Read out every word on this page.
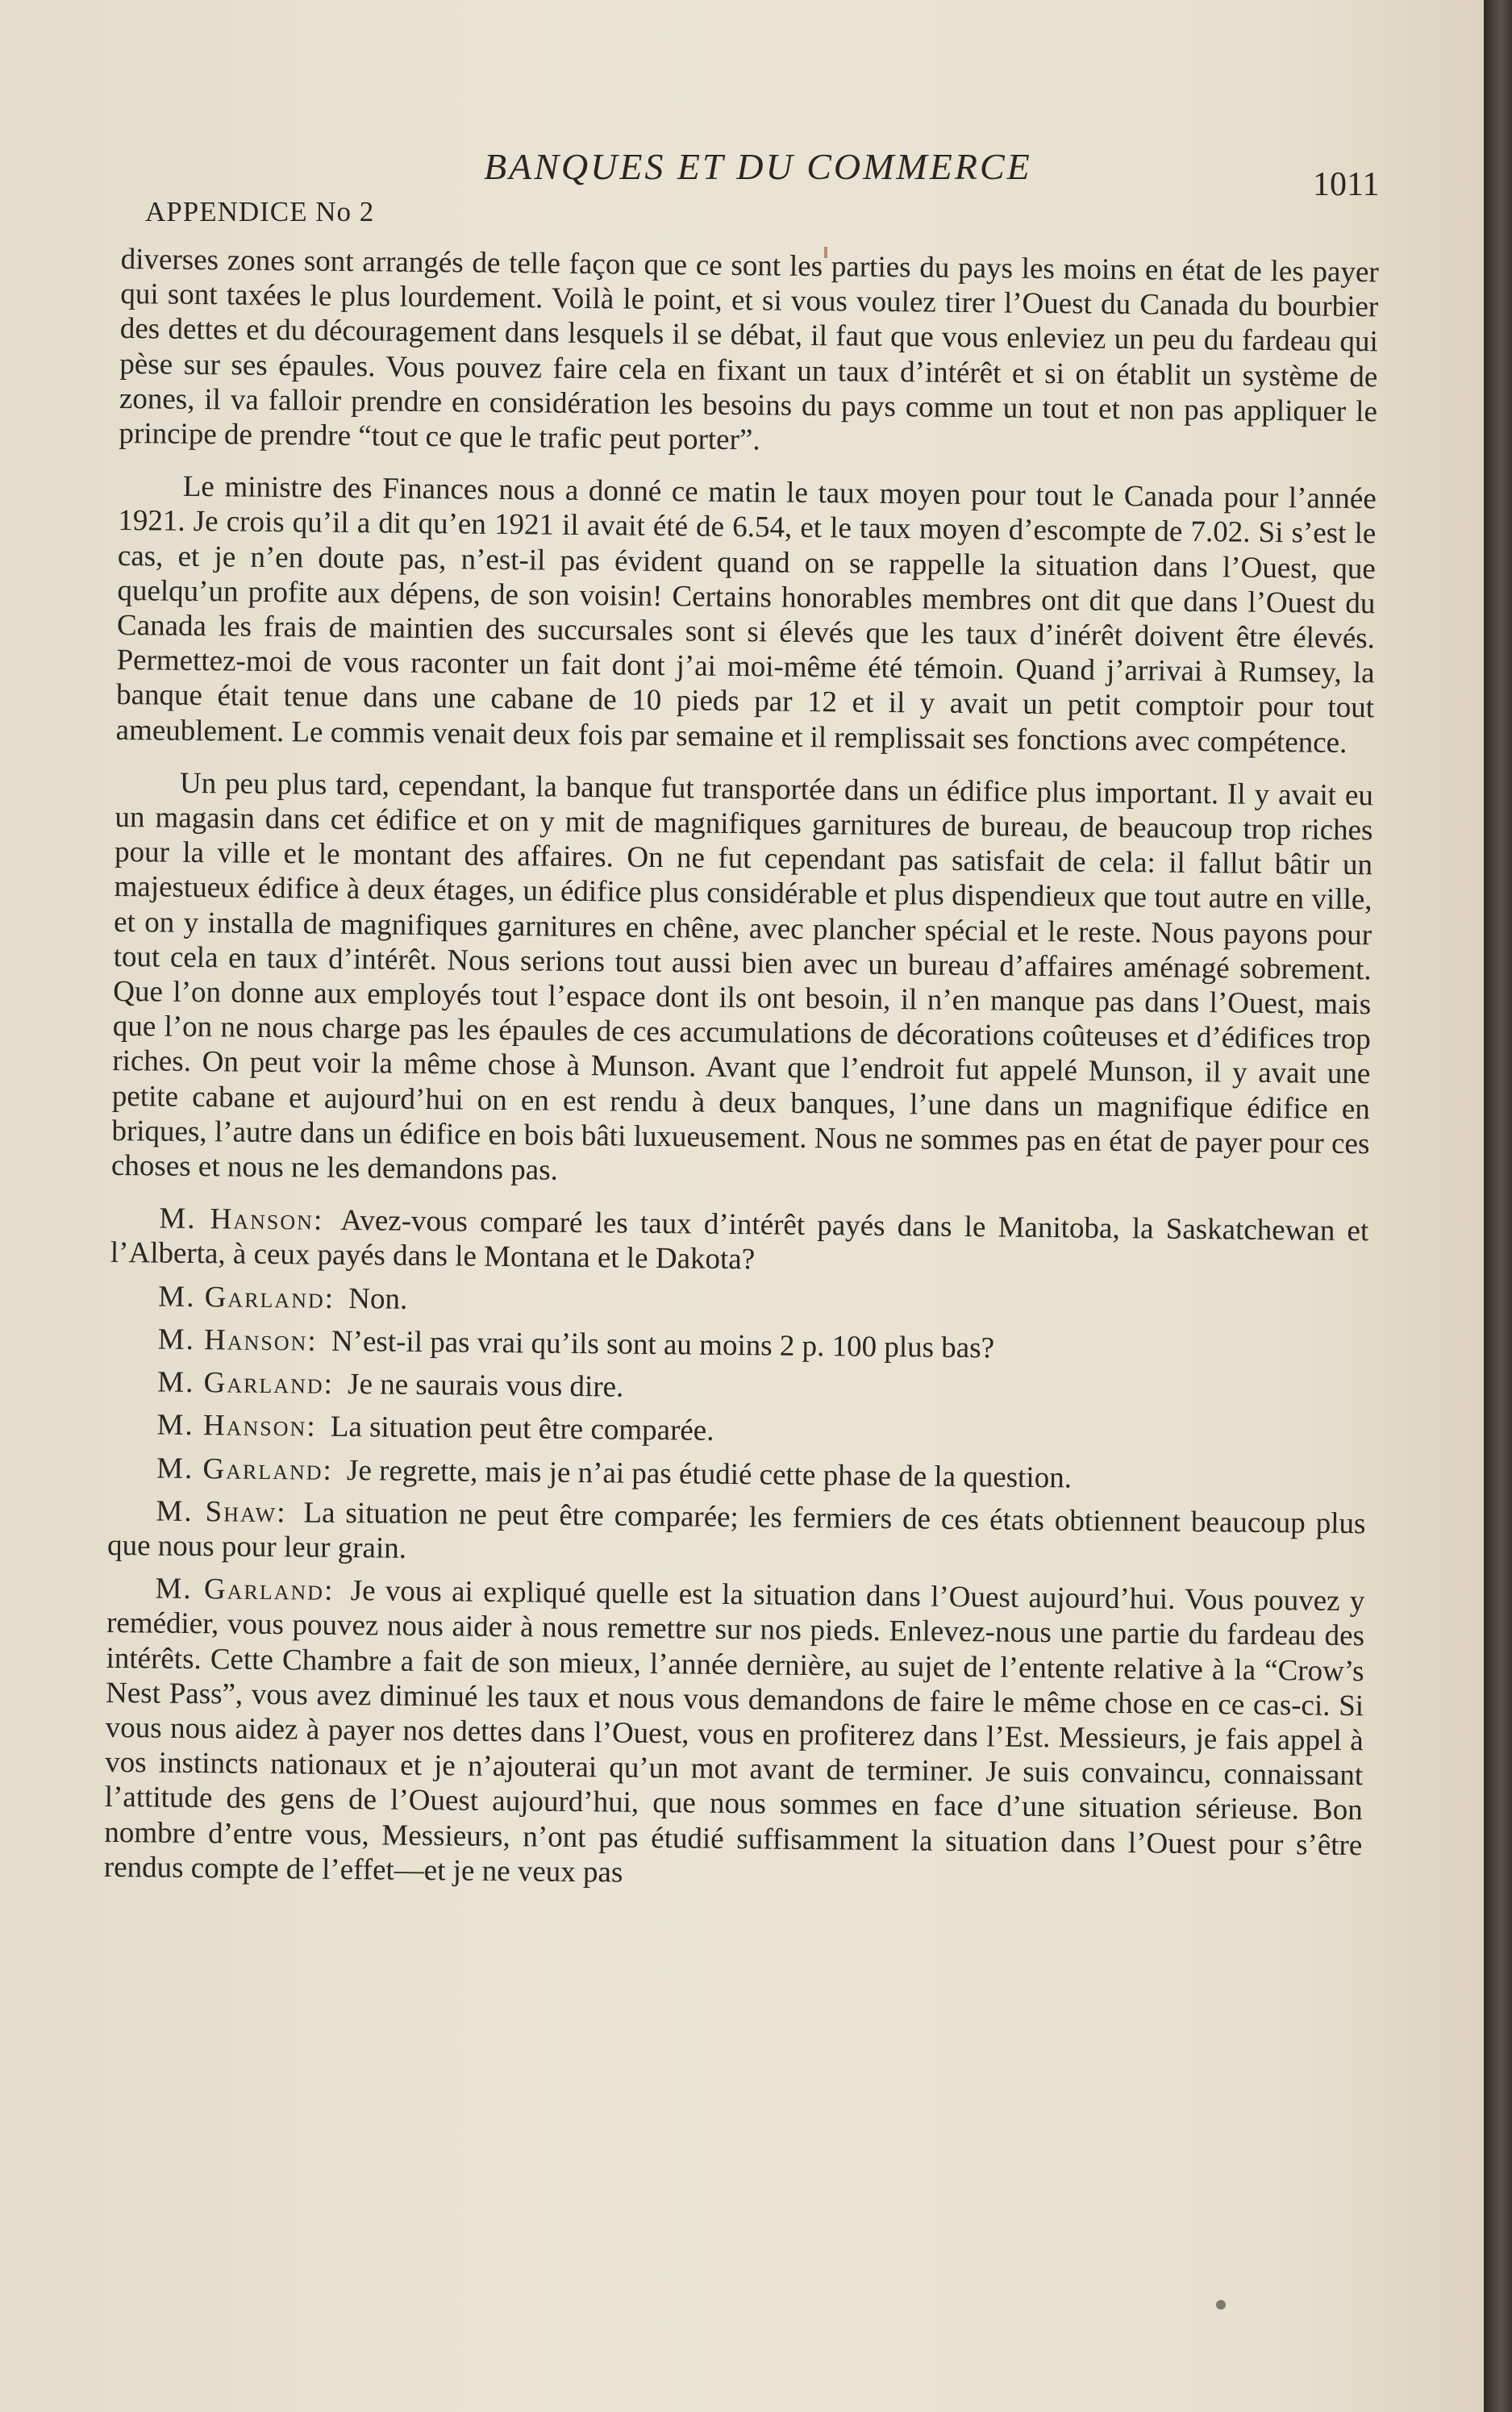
BANQUES ET DU COMMERCE
APPENDICE No 2
1011

diverses zones sont arrangés de telle façon que ce sont les parties du pays les moins en état de les payer qui sont taxées le plus lourdement. Voilà le point, et si vous voulez tirer l’Ouest du Canada du bourbier des dettes et du découragement dans lesquels il se débat, il faut que vous enleviez un peu du fardeau qui pèse sur ses épaules. Vous pouvez faire cela en fixant un taux d’intérêt et si on établit un système de zones, il va falloir prendre en considération les besoins du pays comme un tout et non pas appliquer le principe de prendre “tout ce que le trafic peut porter”.

Le ministre des Finances nous a donné ce matin le taux moyen pour tout le Canada pour l’année 1921. Je crois qu’il a dit qu’en 1921 il avait été de 6.54, et le taux moyen d’escompte de 7.02. Si s’est le cas, et je n’en doute pas, n’est-il pas évident quand on se rappelle la situation dans l’Ouest, que quelqu’un profite aux dépens, de son voisin! Certains honorables membres ont dit que dans l’Ouest du Canada les frais de maintien des succursales sont si élevés que les taux d’inérêt doivent être élevés. Permettez-moi de vous raconter un fait dont j’ai moi-même été témoin. Quand j’arrivai à Rumsey, la banque était tenue dans une cabane de 10 pieds par 12 et il y avait un petit comptoir pour tout ameublement. Le commis venait deux fois par semaine et il remplissait ses fonctions avec compétence.

Un peu plus tard, cependant, la banque fut transportée dans un édifice plus important. Il y avait eu un magasin dans cet édifice et on y mit de magnifiques garnitures de bureau, de beaucoup trop riches pour la ville et le montant des affaires. On ne fut cependant pas satisfait de cela: il fallut bâtir un majestueux édifice à deux étages, un édifice plus considérable et plus dispendieux que tout autre en ville, et on y installa de magnifiques garnitures en chêne, avec plancher spécial et le reste. Nous payons pour tout cela en taux d’intérêt. Nous serions tout aussi bien avec un bureau d’affaires aménagé sobrement. Que l’on donne aux employés tout l’espace dont ils ont besoin, il n’en manque pas dans l’Ouest, mais que l’on ne nous charge pas les épaules de ces accumulations de décorations coûteuses et d’édifices trop riches. On peut voir la même chose à Munson. Avant que l’endroit fut appelé Munson, il y avait une petite cabane et aujourd’hui on en est rendu à deux banques, l’une dans un magnifique édifice en briques, l’autre dans un édifice en bois bâti luxueusement. Nous ne sommes pas en état de payer pour ces choses et nous ne les demandons pas.

M. Hanson: Avez-vous comparé les taux d’intérêt payés dans le Manitoba, la Saskatchewan et l’Alberta, à ceux payés dans le Montana et le Dakota?

M. Garland: Non.

M. Hanson: N’est-il pas vrai qu’ils sont au moins 2 p. 100 plus bas?

M. Garland: Je ne saurais vous dire.

M. Hanson: La situation peut être comparée.

M. Garland: Je regrette, mais je n’ai pas étudié cette phase de la question.

M. Shaw: La situation ne peut être comparée; les fermiers de ces états obtiennent beaucoup plus que nous pour leur grain.

M. Garland: Je vous ai expliqué quelle est la situation dans l’Ouest aujourd’hui. Vous pouvez y remédier, vous pouvez nous aider à nous remettre sur nos pieds. Enlevez-nous une partie du fardeau des intérêts. Cette Chambre a fait de son mieux, l’année dernière, au sujet de l’entente relative à la “Crow’s Nest Pass”, vous avez diminué les taux et nous vous demandons de faire le même chose en ce cas-ci. Si vous nous aidez à payer nos dettes dans l’Ouest, vous en profiterez dans l’Est. Messieurs, je fais appel à vos instincts nationaux et je n’ajouterai qu’un mot avant de terminer. Je suis convaincu, connaissant l’attitude des gens de l’Ouest aujourd’hui, que nous sommes en face d’une situation sérieuse. Bon nombre d’entre vous, Messieurs, n’ont pas étudié suffisamment la situation dans l’Ouest pour s’être rendus compte de l’effet—et je ne veux pas
